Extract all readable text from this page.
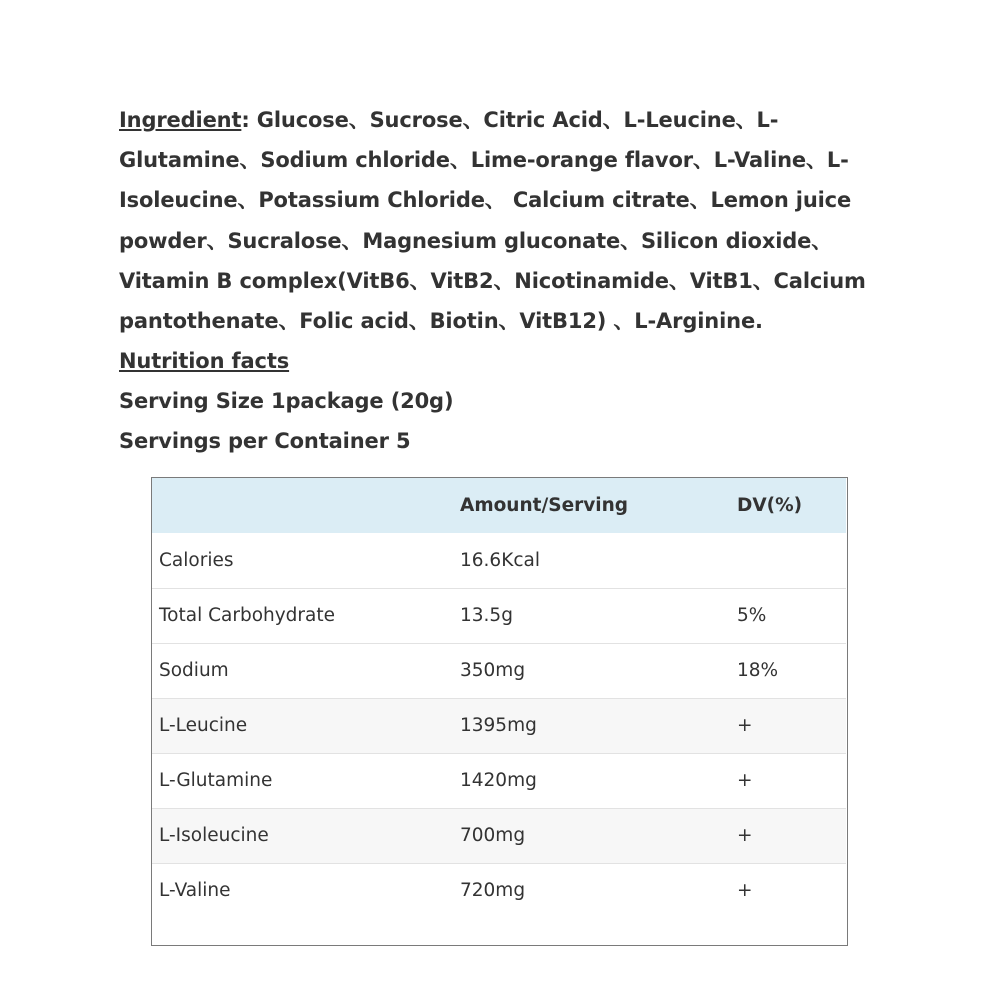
Ingredient: Glucose、Sucrose、Citric Acid、L-Leucine、L-Glutamine、Sodium chloride、Lime-orange flavor、L-Valine、L-Isoleucine、Potassium Chloride、 Calcium citrate、Lemon juice powder、Sucralose、Magnesium gluconate、Silicon dioxide、Vitamin B complex(VitB6、VitB2、Nicotinamide、VitB1、Calcium pantothenate、Folic acid、Biotin、VitB12) 、L-Arginine.

Nutrition facts

Serving Size 1package (20g)

Servings per Container 5

	Amount/Serving	DV(%)
Calories	16.6Kcal	
Total Carbohydrate	13.5g	5%
Sodium	350mg	18%
L-Leucine	1395mg	+
L-Glutamine	1420mg	+
L-Isoleucine	700mg	+
L-Valine	720mg	+
